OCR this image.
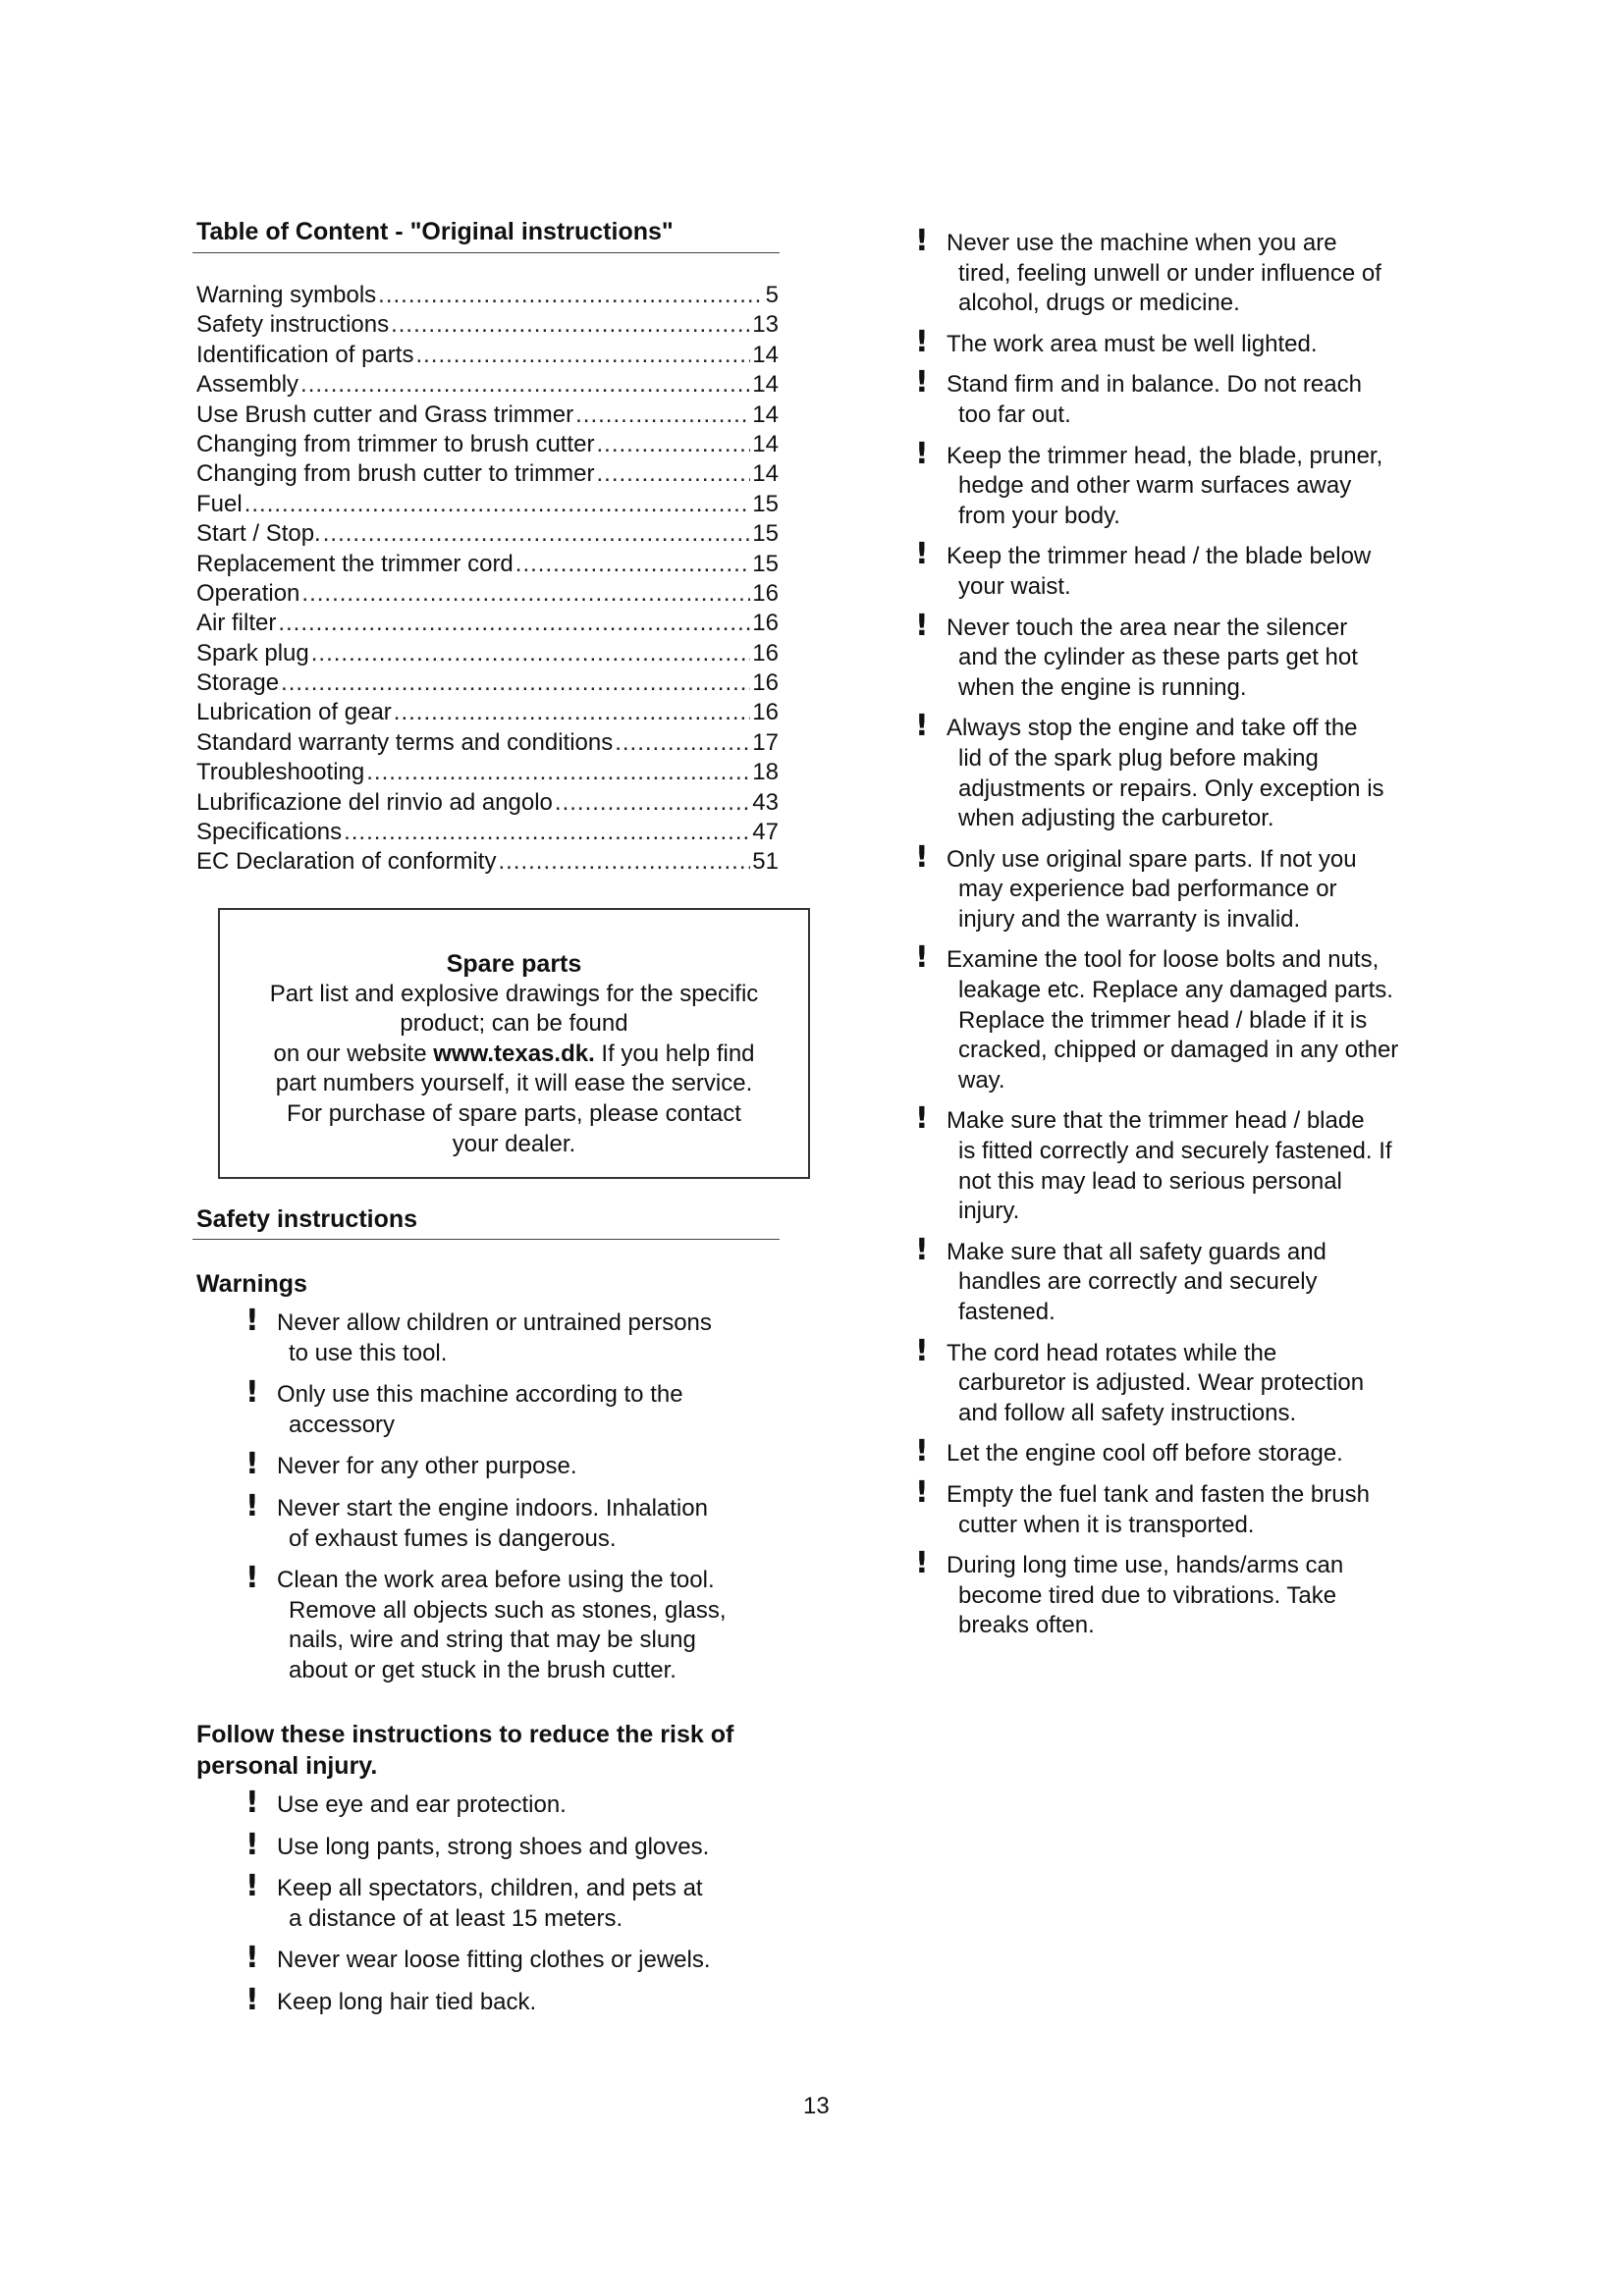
Table of Content - "Original instructions"
Warning symbols .....	5
Safety instructions .....	13
Identification of parts .....	14
Assembly .....	14
Use Brush cutter and Grass trimmer .....	14
Changing from trimmer to brush cutter .....	14
Changing from brush cutter to trimmer .....	14
Fuel .....	15
Start / Stop. .....	15
Replacement the trimmer cord .....	15
Operation .....	16
Air filter .....	16
Spark plug .....	16
Storage .....	16
Lubrication of gear .....	16
Standard warranty terms and conditions .....	17
Troubleshooting .....	18
Lubrificazione del rinvio ad angolo .....	43
Specifications .....	47
EC Declaration of conformity .....	51
Spare parts
Part list and explosive drawings for the specific
product; can be found
on our website www.texas.dk. If you help find
part numbers yourself, it will ease the service.
For purchase of spare parts, please contact
your dealer.
Safety instructions
Warnings
! Never allow children or untrained persons
to use this tool.
! Only use this machine according to the
accessory
! Never for any other purpose.
! Never start the engine indoors. Inhalation
of exhaust fumes is dangerous.
! Clean the work area before using the tool.
Remove all objects such as stones, glass,
nails, wire and string that may be slung
about or get stuck in the brush cutter.
Follow these instructions to reduce the risk of
personal injury.
! Use eye and ear protection.
! Use long pants, strong shoes and gloves.
! Keep all spectators, children, and pets at
a distance of at least 15 meters.
! Never wear loose fitting clothes or jewels.
! Keep long hair tied back.
! Never use the machine when you are
tired, feeling unwell or under influence of
alcohol, drugs or medicine.
! The work area must be well lighted.
! Stand firm and in balance. Do not reach
too far out.
! Keep the trimmer head, the blade, pruner,
hedge and other warm surfaces away
from your body.
! Keep the trimmer head / the blade below
your waist.
! Never touch the area near the silencer
and the cylinder as these parts get hot
when the engine is running.
! Always stop the engine and take off the
lid of the spark plug before making
adjustments or repairs. Only exception is
when adjusting the carburetor.
! Only use original spare parts. If not you
may experience bad performance or
injury and the warranty is invalid.
! Examine the tool for loose bolts and nuts,
leakage etc. Replace any damaged parts.
Replace the trimmer head / blade if it is
cracked, chipped or damaged in any other
way.
! Make sure that the trimmer head / blade
is fitted correctly and securely fastened. If
not this may lead to serious personal
injury.
! Make sure that all safety guards and
handles are correctly and securely
fastened.
! The cord head rotates while the
carburetor is adjusted. Wear protection
and follow all safety instructions.
! Let the engine cool off before storage.
! Empty the fuel tank and fasten the brush
cutter when it is transported.
! During long time use, hands/arms can
become tired due to vibrations. Take
breaks often.
13
